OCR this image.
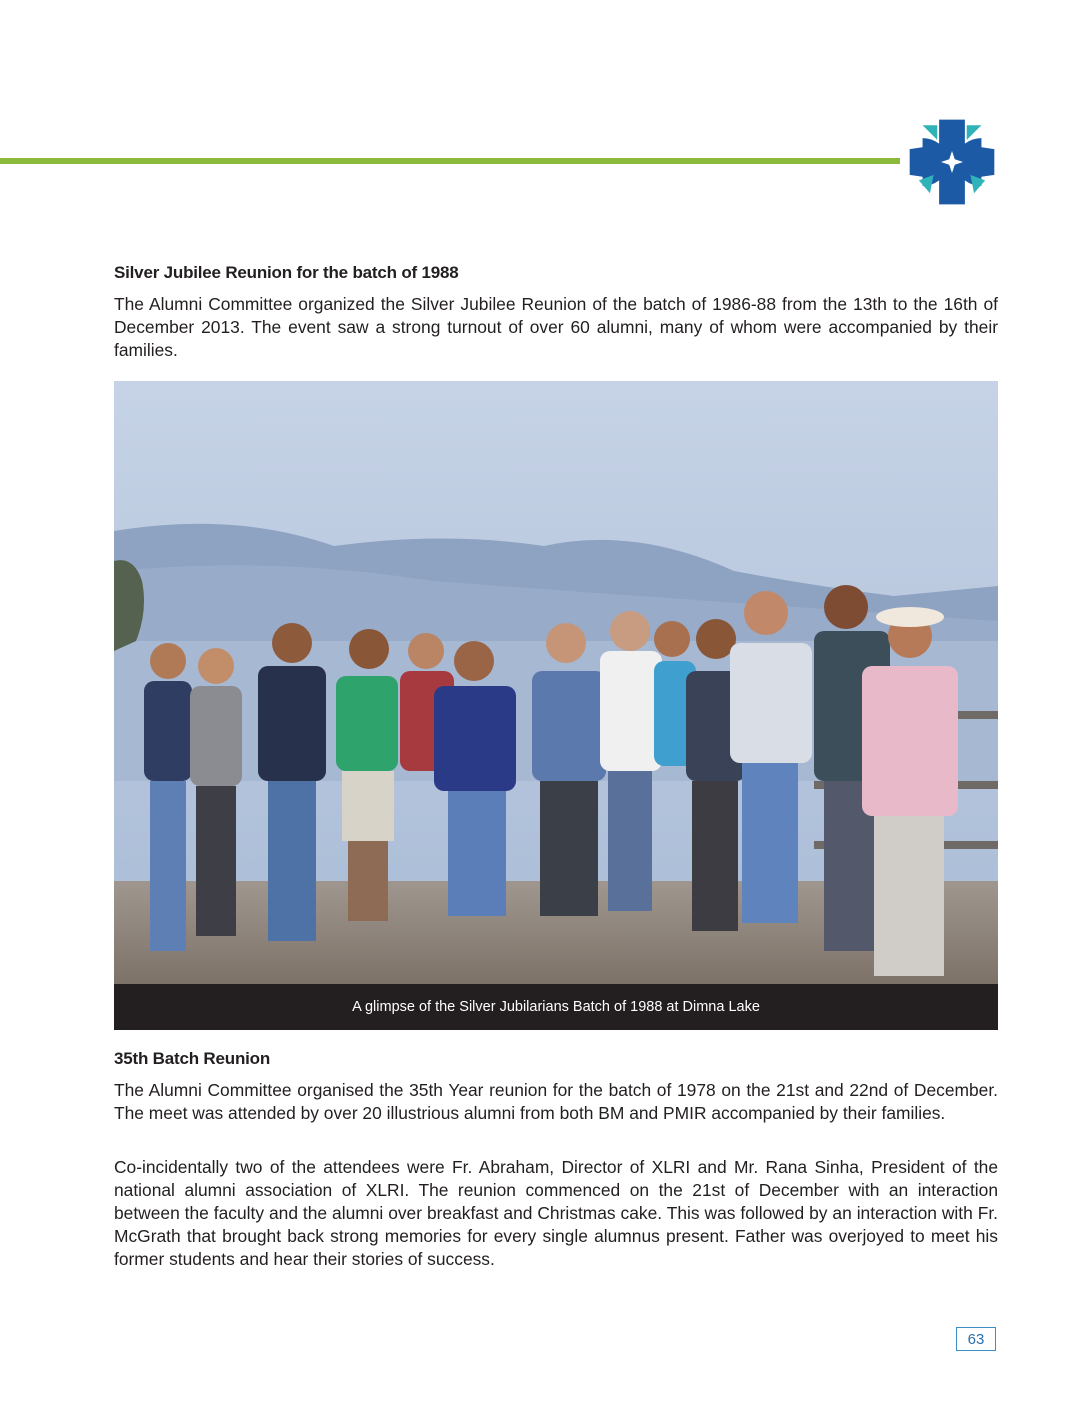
Silver Jubilee Reunion for the batch of 1988

The Alumni Committee organized the Silver Jubilee Reunion of the batch of 1986-88 from the 13th to the 16th of December 2013. The event saw a strong turnout of over 60 alumni, many of whom were accompanied by their families.

A glimpse of the Silver Jubilarians Batch of 1988 at Dimna Lake
35th Batch Reunion

The Alumni Committee organised the 35th Year reunion for the batch of 1978 on the 21st and 22nd of December. The meet was attended by over 20 illustrious alumni from both BM and PMIR accompanied by their families.

Co-incidentally two of the attendees were Fr. Abraham, Director of XLRI and Mr. Rana Sinha, President of the national alumni association of XLRI. The reunion commenced on the 21st of December with an interaction between the faculty and the alumni over breakfast and Christmas cake. This was followed by an interaction with Fr. McGrath that brought back strong memories for every single alumnus present. Father was overjoyed to meet his former students and hear their stories of success.

63
